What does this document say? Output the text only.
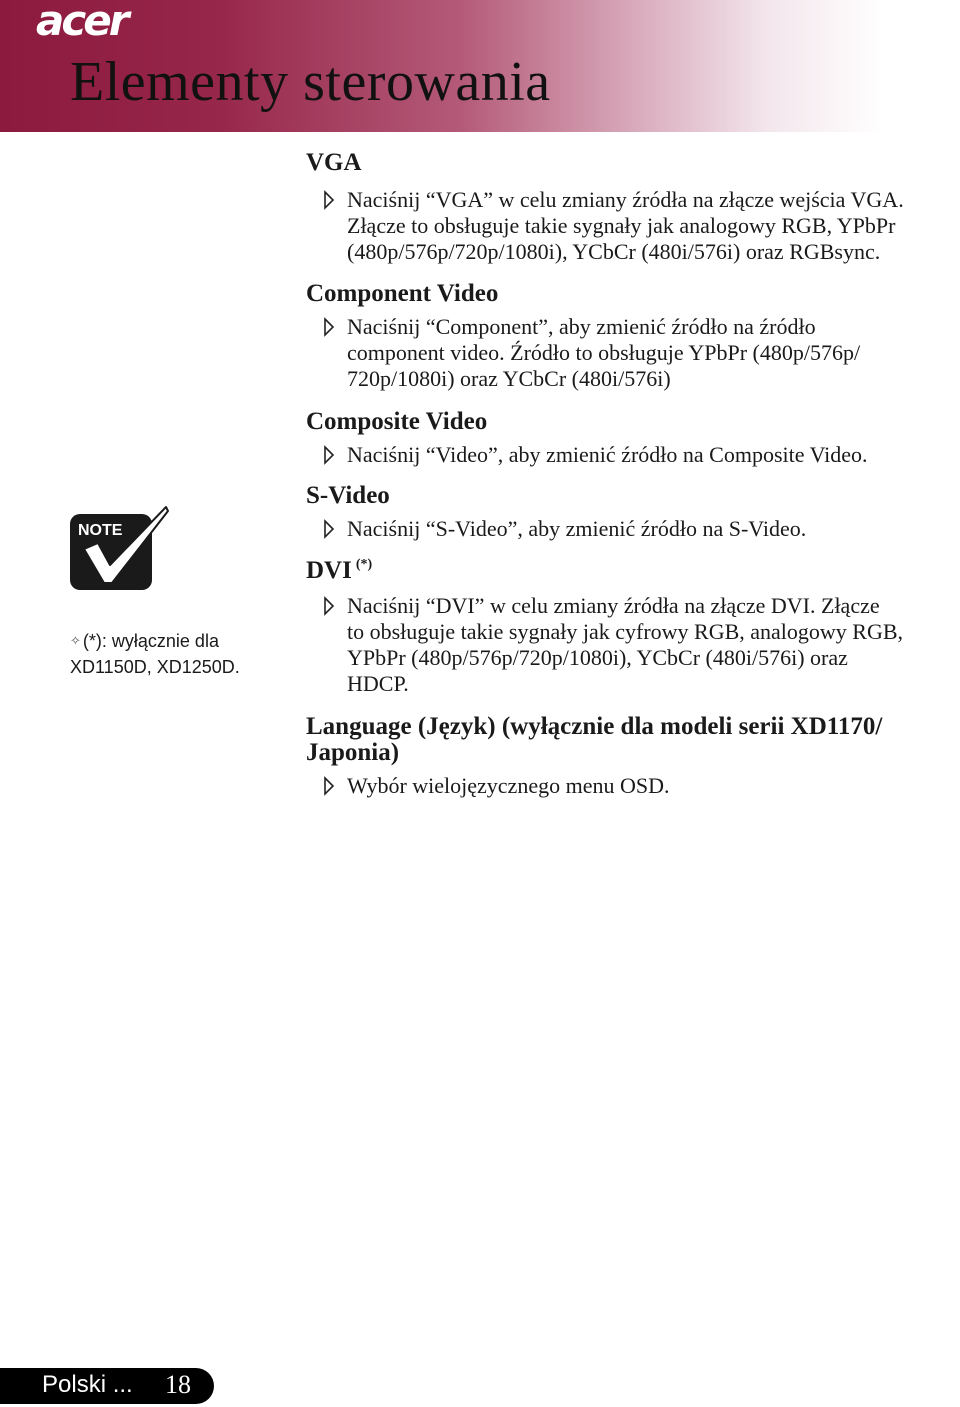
acer
Elementy sterowania
NOTE
✧ (*): wyłącznie dla
XD1150D, XD1250D.
VGA
Naciśnij “VGA” w celu zmiany źródła na złącze wejścia VGA.
Złącze to obsługuje takie sygnały jak analogowy RGB, YPbPr
(480p/576p/720p/1080i), YCbCr (480i/576i) oraz RGBsync.
Component Video
Naciśnij “Component”, aby zmienić źródło na źródło
component video. Źródło to obsługuje YPbPr (480p/576p/
720p/1080i) oraz YCbCr (480i/576i)
Composite Video
Naciśnij “Video”, aby zmienić źródło na Composite Video.
S-Video
Naciśnij “S-Video”, aby zmienić źródło na S-Video.
DVI (*)
Naciśnij “DVI” w celu zmiany źródła na złącze DVI. Złącze
to obsługuje takie sygnały jak cyfrowy RGB, analogowy RGB,
YPbPr (480p/576p/720p/1080i), YCbCr (480i/576i) oraz
HDCP.
Language (Język) (wyłącznie dla modeli serii XD1170/
Japonia)
Wybór wielojęzycznego menu OSD.
Polski ... 18
